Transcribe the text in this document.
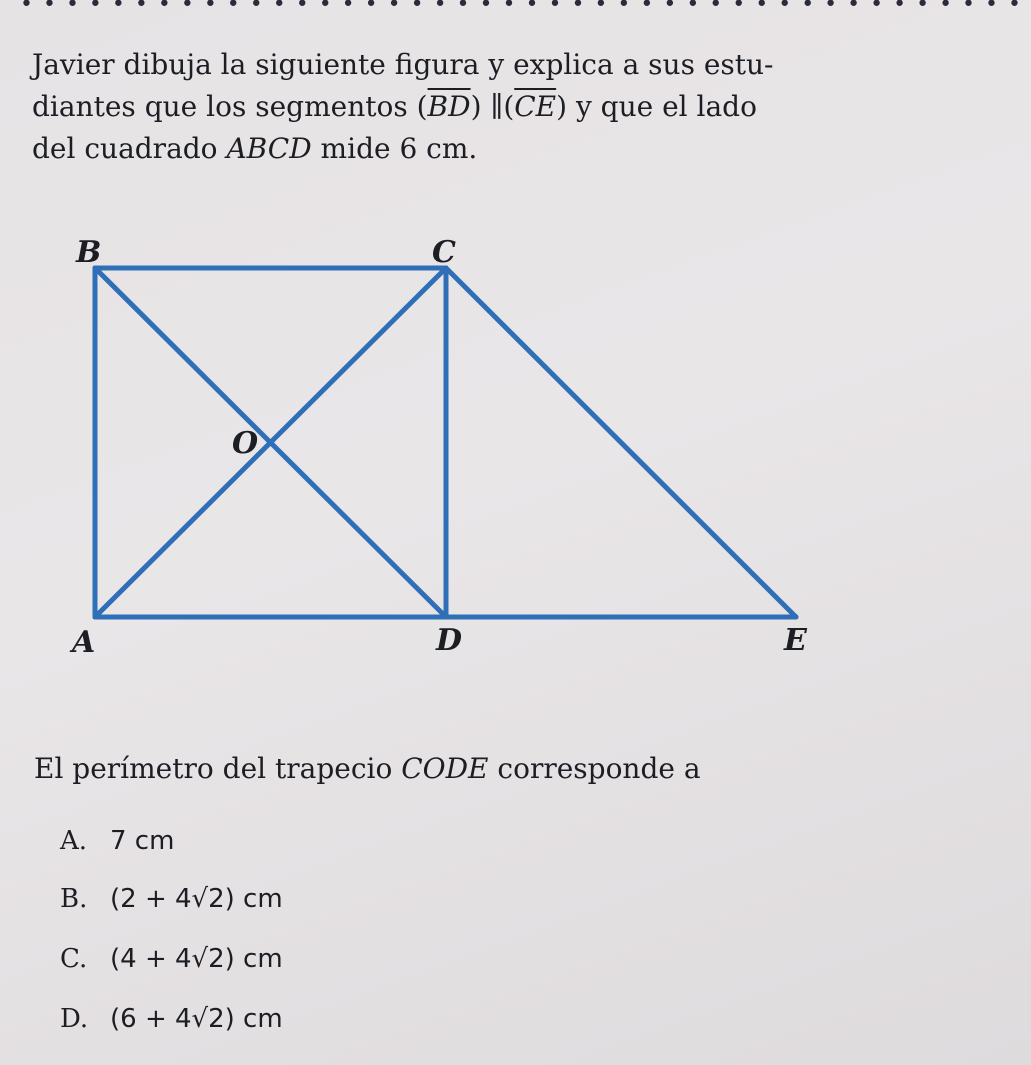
••••••••••••••••••••••••••••••••••••••••••••

Javier dibuja la siguiente figura y explica a sus estu-

diantes que los segmentos $(\overline{BD})$ $\parallel(\overline{CE})$ y que el lado

del cuadrado ABCD mide 6 cm.

B	C
O
A	D	E
El perímetro del trapecio CODE corresponde a
A. 7 cm
B. (2 + 4√2) cm
C. (4 + 4√2) cm
D. (6 + 4√2) cm
